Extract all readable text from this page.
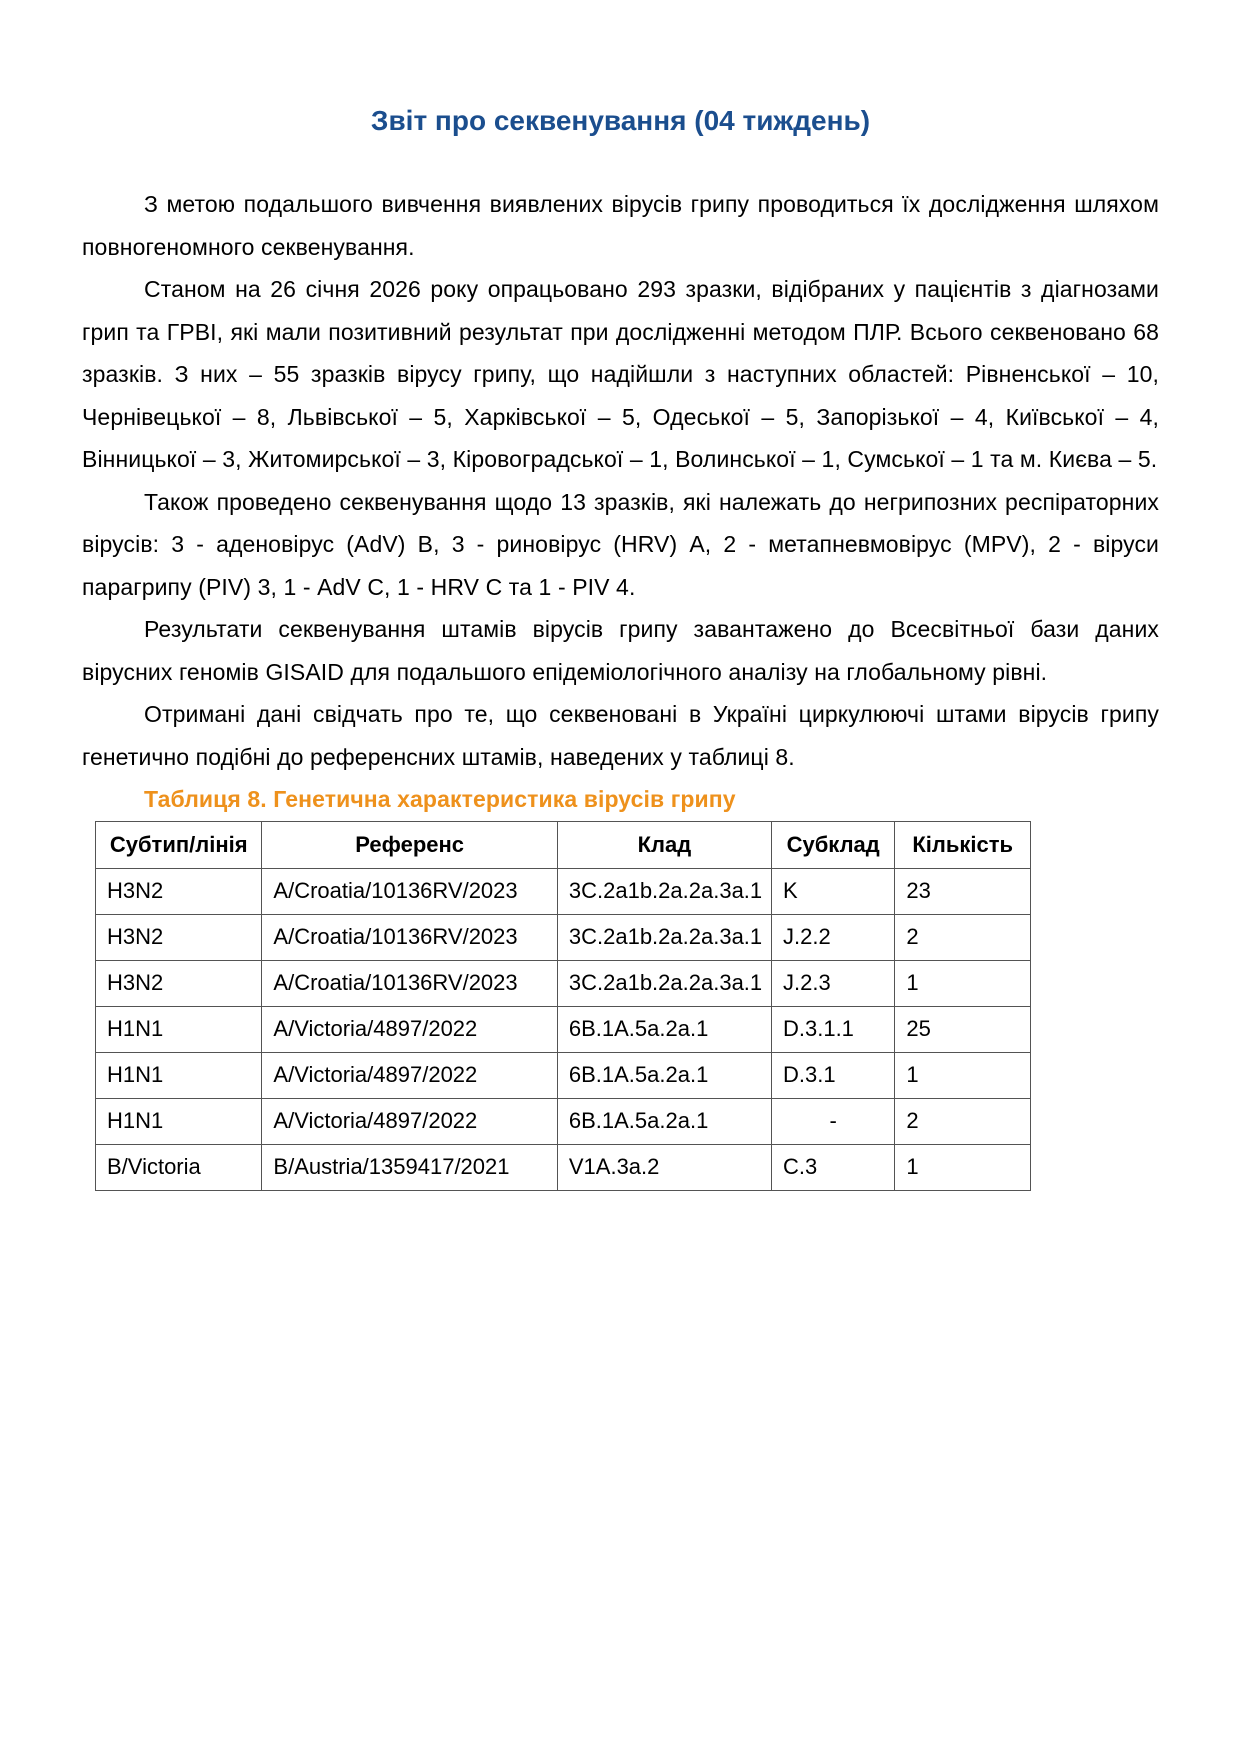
Звіт про секвенування (04 тиждень)

З метою подальшого вивчення виявлених вірусів грипу проводиться їх дослідження шляхом повногеномного секвенування.

Станом на 26 січня 2026 року опрацьовано 293 зразки, відібраних у пацієнтів з діагнозами грип та ГРВІ, які мали позитивний результат при дослідженні методом ПЛР. Всього секвеновано 68 зразків. З них – 55 зразків вірусу грипу, що надійшли з наступних областей: Рівненської – 10, Чернівецької – 8, Львівської – 5, Харківської – 5, Одеської – 5, Запорізької – 4, Київської – 4, Вінницької – 3, Житомирської – 3, Кіровоградської – 1, Волинської – 1, Сумської – 1 та м. Києва – 5.

Також проведено секвенування щодо 13 зразків, які належать до негрипозних респіраторних вірусів: 3 - аденовірус (AdV) B, 3 - риновірус (HRV) A, 2 - метапневмовірус (MPV), 2 - віруси парагрипу (PIV) 3, 1 - AdV C, 1 - HRV C та 1 - PIV 4.

Результати секвенування штамів вірусів грипу завантажено до Всесвітньої бази даних вірусних геномів GISAID для подальшого епідеміологічного аналізу на глобальному рівні.

Отримані дані свідчать про те, що секвеновані в Україні циркулюючі штами вірусів грипу генетично подібні до референсних штамів, наведених у таблиці 8.

Таблиця 8. Генетична характеристика вірусів грипу

Субтип/лінія	Референс	Клад	Субклад	Кількість
H3N2	A/Croatia/10136RV/2023	3C.2a1b.2a.2a.3a.1	K	23
H3N2	A/Croatia/10136RV/2023	3C.2a1b.2a.2a.3a.1	J.2.2	2
H3N2	A/Croatia/10136RV/2023	3C.2a1b.2a.2a.3a.1	J.2.3	1
H1N1	A/Victoria/4897/2022	6B.1A.5a.2a.1	D.3.1.1	25
H1N1	A/Victoria/4897/2022	6B.1A.5a.2a.1	D.3.1	1
H1N1	A/Victoria/4897/2022	6B.1A.5a.2a.1	-	2
B/Victoria	B/Austria/1359417/2021	V1A.3a.2	C.3	1
